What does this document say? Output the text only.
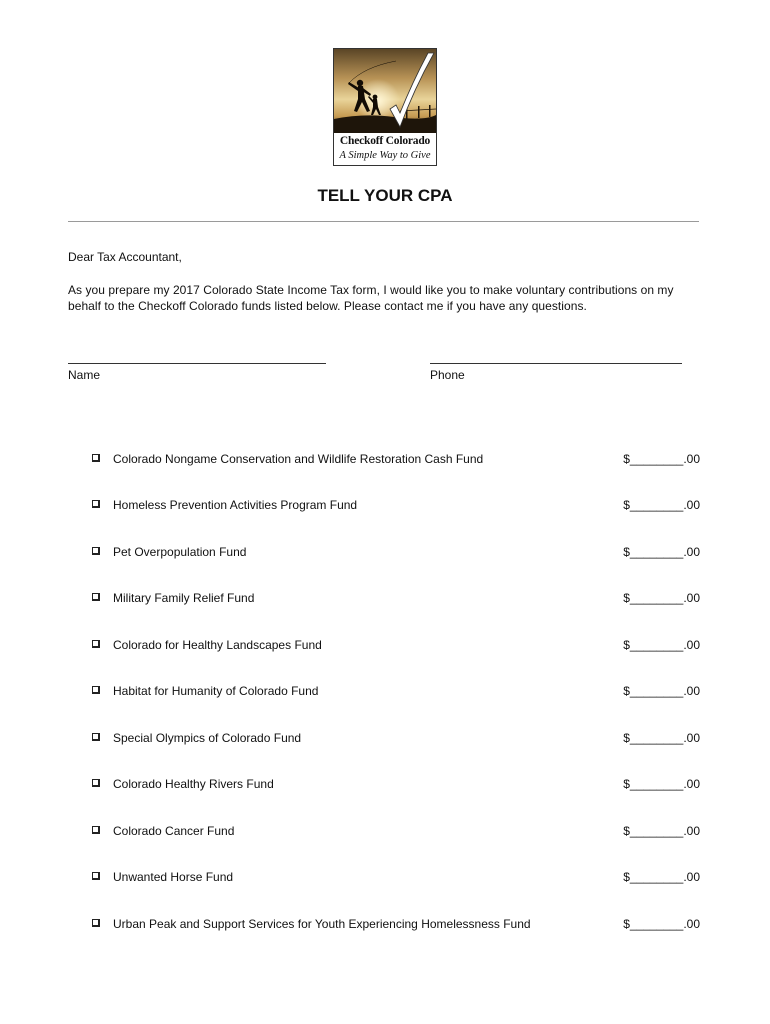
Checkoff Colorado
A Simple Way to Give
TELL YOUR CPA
Dear Tax Accountant,
As you prepare my 2017 Colorado State Income Tax form, I would like you to make voluntary contributions on my behalf to the Checkoff Colorado funds listed below. Please contact me if you have any questions.
Name	Phone
Colorado Nongame Conservation and Wildlife Restoration Cash Fund	$________.00
Homeless Prevention Activities Program Fund	$________.00
Pet Overpopulation Fund	$________.00
Military Family Relief Fund	$________.00
Colorado for Healthy Landscapes Fund	$________.00
Habitat for Humanity of Colorado Fund	$________.00
Special Olympics of Colorado Fund	$________.00
Colorado Healthy Rivers Fund	$________.00
Colorado Cancer Fund	$________.00
Unwanted Horse Fund	$________.00
Urban Peak and Support Services for Youth Experiencing Homelessness Fund	$________.00
